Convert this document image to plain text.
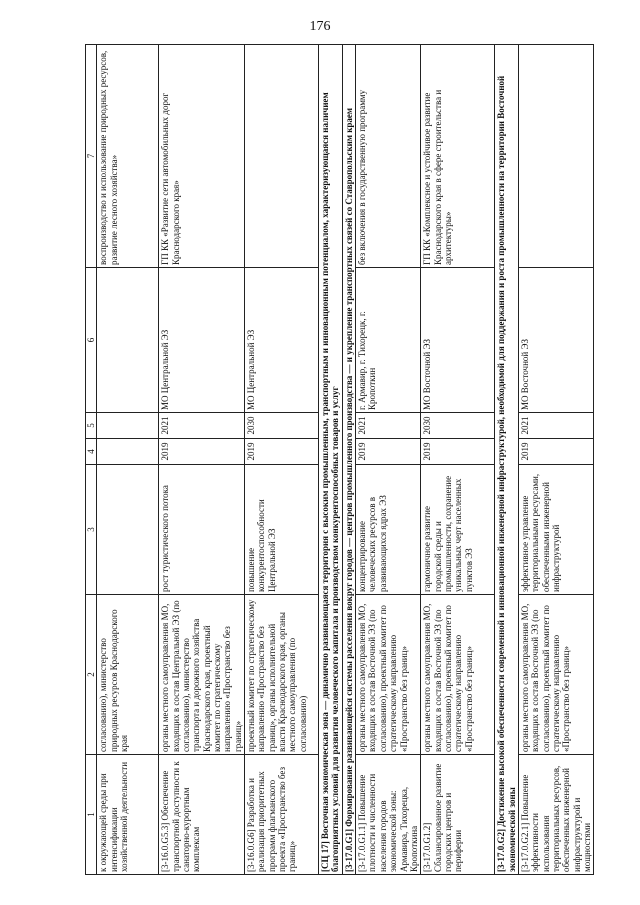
176
1	2	3	4	5	6	7
к окружающей среды при интенсификации хозяйственной деятельности	согласованию), министерство природных ресурсов Краснодарского края					воспроизводство и использование природных ресурсов, развитие лесного хозяйства»
[3-16.0.G5.3] Обеспечение транспортной доступности к санаторно-курортным комплексам	органы местного самоуправления МО, входящих в состав Центральной ЭЗ (по согласованию), министерство транспорта и дорожного хозяйства Краснодарского края, проектный комитет по стратегическому направлению «Пространство без границ»	рост туристического потока	2019	2021	МО Центральной ЭЗ	ГП КК «Развитие сети автомобильных дорог Краснодарского края»
[3-16.0.G6] Разработка и реализация приоритетных программ флагманского проекта «Пространство без границ»	проектный комитет по стратегическому направлению «Пространство без границ», органы исполнительной власти Краснодарского края, органы местного самоуправления (по согласованию)	повышение конкурентоспособности Центральной ЭЗ	2019	2030	МО Центральной ЭЗ	
[СЦ 17] Восточная экономическая зона — динамично развивающаяся территория с высоким промышленным, транспортным и инновационным потенциалом, характеризующаяся наличием благоприятных условий для развития человеческого капитала и производством конкурентоспособных товаров и услуг						
[3-17.0.G1] Формирование развивающейся системы расселения вокруг городов — центров промышленного производства — и укрепление транспортных связей со Ставропольским краем						
[3-17.0.G1.1] Повышение плотности и численности населения городов экономической зоны: Армавира, Тихорецка, Кропоткина	органы местного самоуправления МО, входящих в состав Восточной ЭЗ (по согласованию), проектный комитет по стратегическому направлению «Пространство без границ»	концентрирование человеческих ресурсов в развивающихся ядрах ЭЗ	2019	2021	г. Армавир, г. Тихорецк, г. Кропоткин	без включения в государственную программу
[3-17.0.G1.2] Сбалансированное развитие городских центров и периферии	органы местного самоуправления МО, входящих в состав Восточной ЭЗ (по согласованию), проектный комитет по стратегическому направлению «Пространство без границ»	гармоничное развитие городской среды и промышленности, сохранение уникальных черт населенных пунктов ЭЗ	2019	2030	МО Восточной ЭЗ	ГП КК «Комплексное и устойчивое развитие Краснодарского края в сфере строительства и архитектуры»
[3-17.0.G2] Достижение высокой обеспеченности современной и инновационной инженерной инфраструктурой, необходимой для поддержания и роста промышленности на территории Восточной экономической зоны						
[3-17.0.G2.1] Повышение эффективности использования территориальных ресурсов, обеспеченных инженерной инфраструктурой и мощностями	органы местного самоуправления МО, входящих в состав Восточной ЭЗ (по согласованию), проектный комитет по стратегическому направлению «Пространство без границ»	эффективное управление территориальными ресурсами, обеспеченными инженерной инфраструктурой	2019	2021	МО Восточной ЭЗ	
